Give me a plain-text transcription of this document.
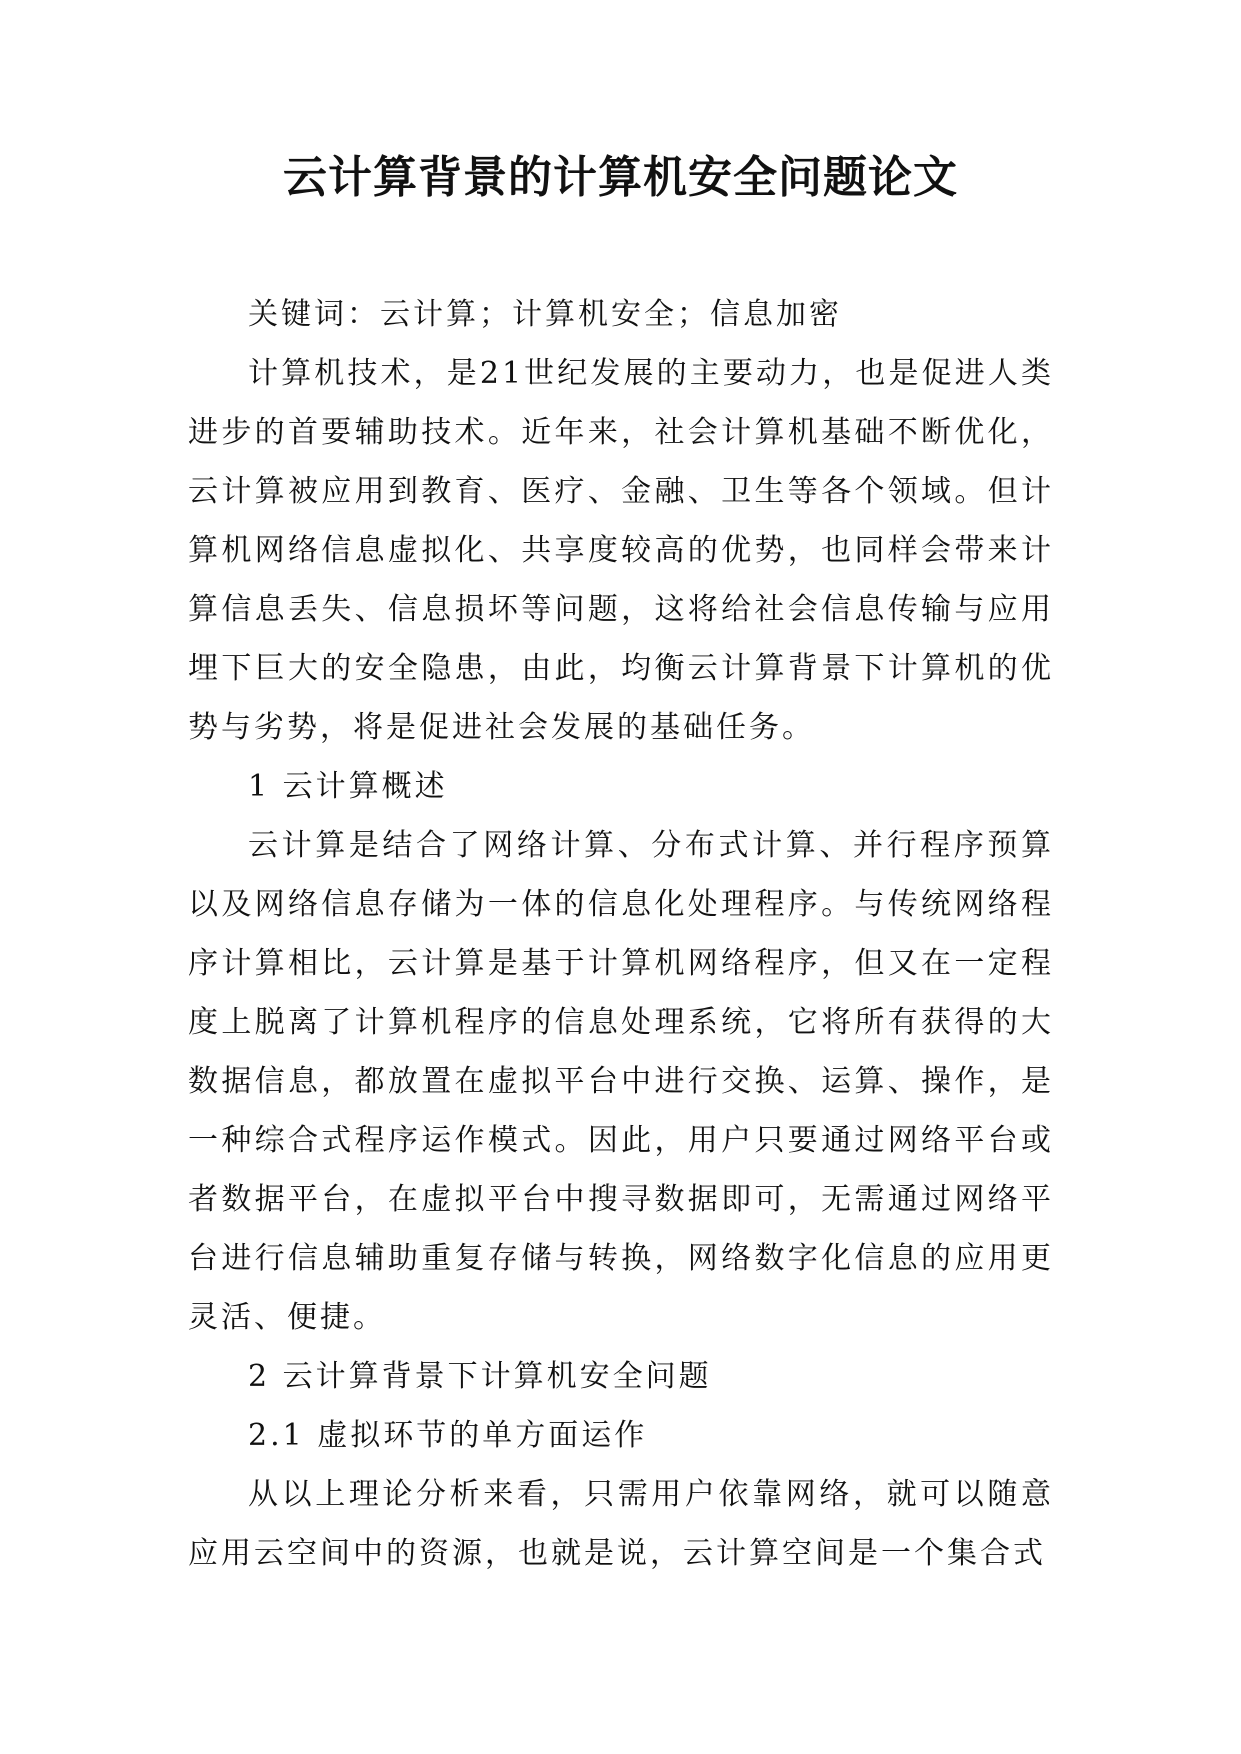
云计算背景的计算机安全问题论文

关键词：云计算；计算机安全；信息加密

计算机技术，是21世纪发展的主要动力，也是促进人类进步的首要辅助技术。近年来，社会计算机基础不断优化，云计算被应用到教育、医疗、金融、卫生等各个领域。但计算机网络信息虚拟化、共享度较高的优势，也同样会带来计算信息丢失、信息损坏等问题，这将给社会信息传输与应用埋下巨大的安全隐患，由此，均衡云计算背景下计算机的优势与劣势，将是促进社会发展的基础任务。

1 云计算概述

云计算是结合了网络计算、分布式计算、并行程序预算以及网络信息存储为一体的信息化处理程序。与传统网络程序计算相比，云计算是基于计算机网络程序，但又在一定程度上脱离了计算机程序的信息处理系统，它将所有获得的大数据信息，都放置在虚拟平台中进行交换、运算、操作，是一种综合式程序运作模式。因此，用户只要通过网络平台或者数据平台，在虚拟平台中搜寻数据即可，无需通过网络平台进行信息辅助重复存储与转换，网络数字化信息的应用更灵活、便捷。

2 云计算背景下计算机安全问题

2.1 虚拟环节的单方面运作

从以上理论分析来看，只需用户依靠网络，就可以随意应用云空间中的资源，也就是说，云计算空间是一个集合式
